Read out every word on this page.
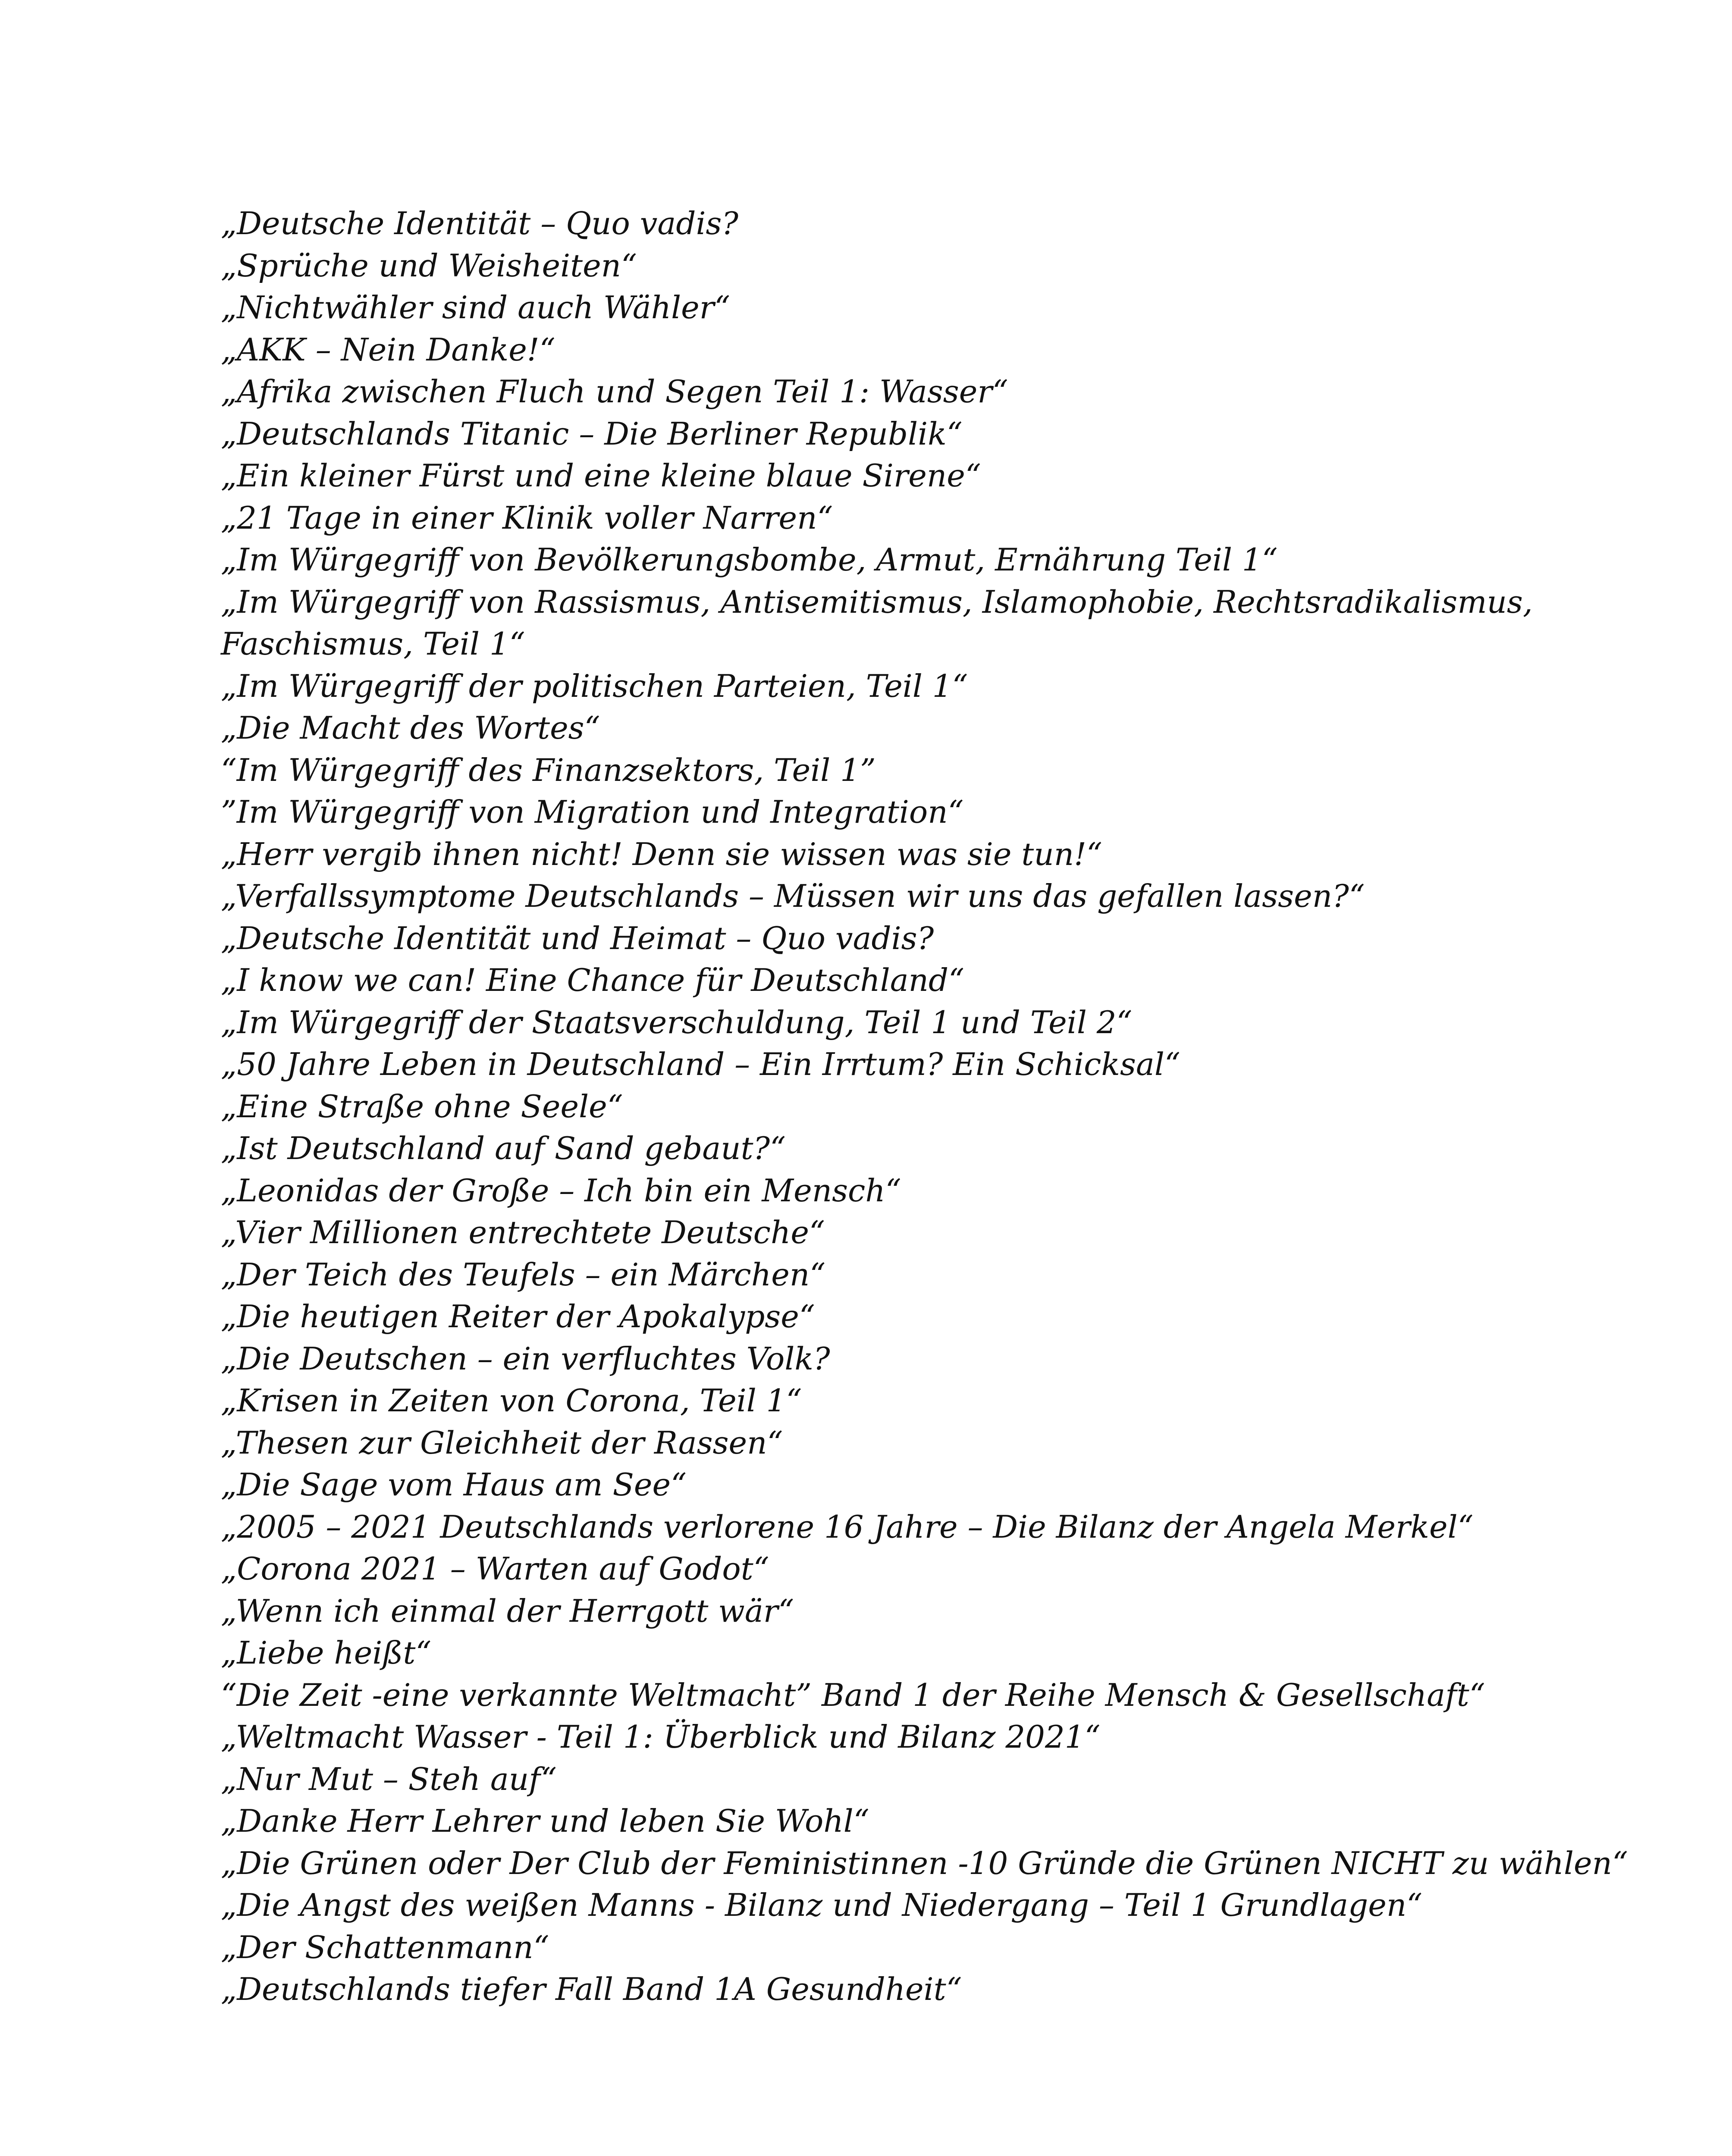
„Deutsche Identität – Quo vadis?
„Sprüche und Weisheiten“
„Nichtwähler sind auch Wähler“
„AKK – Nein Danke!“
„Afrika zwischen Fluch und Segen Teil 1: Wasser“
„Deutschlands Titanic – Die Berliner Republik“
„Ein kleiner Fürst und eine kleine blaue Sirene“
„21 Tage in einer Klinik voller Narren“
„Im Würgegriff von Bevölkerungsbombe, Armut, Ernährung Teil 1“
„Im Würgegriff von Rassismus, Antisemitismus, Islamophobie, Rechtsradikalismus, Faschismus, Teil 1“
„Im Würgegriff der politischen Parteien, Teil 1“
„Die Macht des Wortes“
“Im Würgegriff des Finanzsektors, Teil 1”
”Im Würgegriff von Migration und Integration“
„Herr vergib ihnen nicht! Denn sie wissen was sie tun!“
„Verfallssymptome Deutschlands – Müssen wir uns das gefallen lassen?“
„Deutsche Identität und Heimat – Quo vadis?
„I know we can! Eine Chance für Deutschland“
„Im Würgegriff der Staatsverschuldung, Teil 1 und Teil 2“
„50 Jahre Leben in Deutschland – Ein Irrtum? Ein Schicksal“
„Eine Straße ohne Seele“
„Ist Deutschland auf Sand gebaut?“
„Leonidas der Große – Ich bin ein Mensch“
„Vier Millionen entrechtete Deutsche“
„Der Teich des Teufels – ein Märchen“
„Die heutigen Reiter der Apokalypse“
„Die Deutschen – ein verfluchtes Volk?
„Krisen in Zeiten von Corona, Teil 1“
„Thesen zur Gleichheit der Rassen“
„Die Sage vom Haus am See“
„2005 – 2021 Deutschlands verlorene 16 Jahre – Die Bilanz der Angela Merkel“
„Corona 2021 – Warten auf Godot“
„Wenn ich einmal der Herrgott wär“
„Liebe heißt“
“Die Zeit -eine verkannte Weltmacht” Band 1 der Reihe Mensch & Gesellschaft“
„Weltmacht Wasser - Teil 1: Überblick und Bilanz 2021“
„Nur Mut – Steh auf“
„Danke Herr Lehrer und leben Sie Wohl“
„Die Grünen oder Der Club der Feministinnen -10 Gründe die Grünen NICHT zu wählen“
„Die Angst des weißen Manns - Bilanz und Niedergang – Teil 1 Grundlagen“
„Der Schattenmann“
„Deutschlands tiefer Fall Band 1A Gesundheit“
